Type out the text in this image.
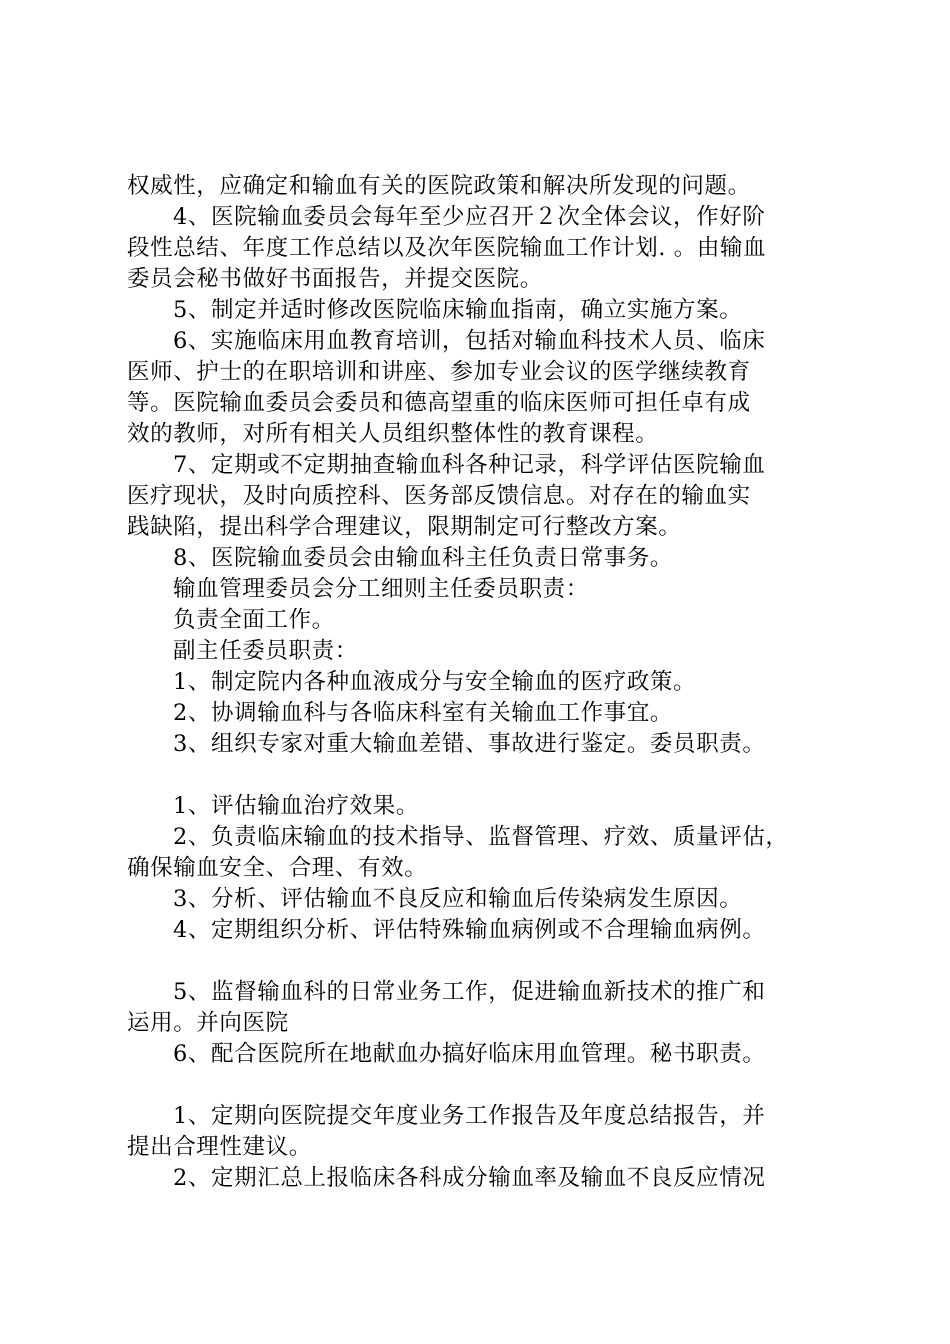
权威性，应确定和输血有关的医院政策和解决所发现的问题。
4、医院输血委员会每年至少应召开２次全体会议，作好阶
段性总结、年度工作总结以及次年医院输血工作计划. 。由输血
委员会秘书做好书面报告，并提交医院。
5、制定并适时修改医院临床输血指南，确立实施方案。
6、实施临床用血教育培训，包括对输血科技术人员、临床
医师、护士的在职培训和讲座、参加专业会议的医学继续教育
等。医院输血委员会委员和德高望重的临床医师可担任卓有成
效的教师，对所有相关人员组织整体性的教育课程。
7、定期或不定期抽查输血科各种记录，科学评估医院输血
医疗现状，及时向质控科、医务部反馈信息。对存在的输血实
践缺陷，提出科学合理建议，限期制定可行整改方案。
8、医院输血委员会由输血科主任负责日常事务。
输血管理委员会分工细则主任委员职责：
负责全面工作。
副主任委员职责：
1、制定院内各种血液成分与安全输血的医疗政策。
2、协调输血科与各临床科室有关输血工作事宜。
3、组织专家对重大输血差错、事故进行鉴定。委员职责。
1、评估输血治疗效果。
2、负责临床输血的技术指导、监督管理、疗效、质量评估，
确保输血安全、合理、有效。
3、分析、评估输血不良反应和输血后传染病发生原因。
4、定期组织分析、评估特殊输血病例或不合理输血病例。
5、监督输血科的日常业务工作，促进输血新技术的推广和
运用。并向医院
6、配合医院所在地献血办搞好临床用血管理。秘书职责。
1、定期向医院提交年度业务工作报告及年度总结报告，并
提出合理性建议。
2、定期汇总上报临床各科成分输血率及输血不良反应情况
